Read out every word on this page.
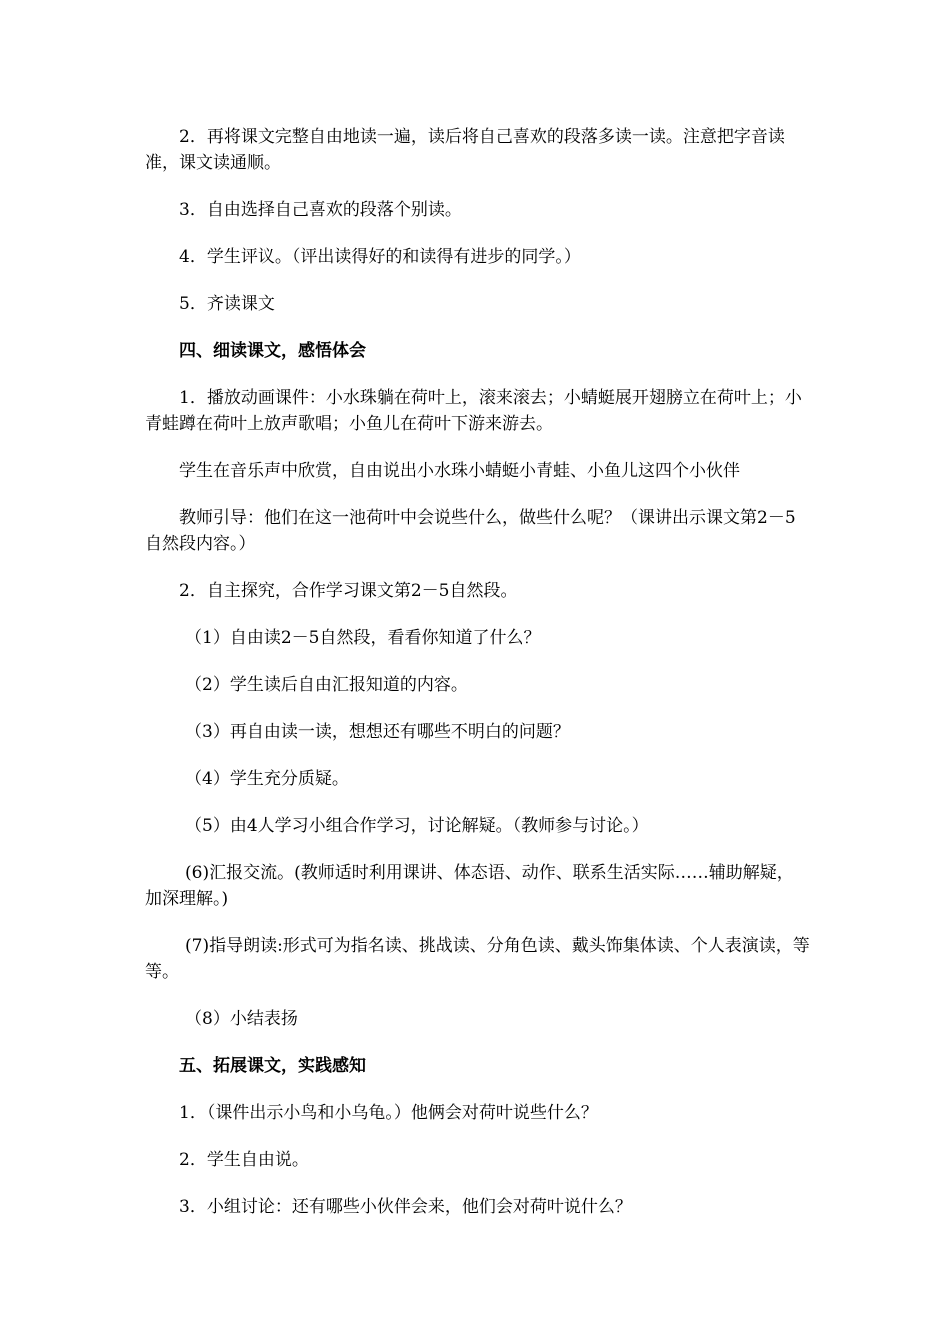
2．再将课文完整自由地读一遍，读后将自己喜欢的段落多读一读。注意把字音读准，课文读通顺。

3．自由选择自己喜欢的段落个别读。

4．学生评议。（评出读得好的和读得有进步的同学。）

5．齐读课文

四、细读课文，感悟体会

1．播放动画课件：小水珠躺在荷叶上，滚来滚去；小蜻蜓展开翅膀立在荷叶上；小青蛙蹲在荷叶上放声歌唱；小鱼儿在荷叶下游来游去。

学生在音乐声中欣赏，自由说出小水珠小蜻蜓小青蛙、小鱼儿这四个小伙伴

教师引导：他们在这一池荷叶中会说些什么，做些什么呢？（课讲出示课文第2－5自然段内容。）

2．自主探究，合作学习课文第2－5自然段。

（1）自由读2－5自然段，看看你知道了什么？

（2）学生读后自由汇报知道的内容。

（3）再自由读一读，想想还有哪些不明白的问题？

（4）学生充分质疑。

（5）由4人学习小组合作学习，讨论解疑。（教师参与讨论。）

(6)汇报交流。(教师适时利用课讲、体态语、动作、联系生活实际……辅助解疑，加深理解。)

(7)指导朗读:形式可为指名读、挑战读、分角色读、戴头饰集体读、个人表演读，等等。

（8）小结表扬

五、拓展课文，实践感知

1．（课件出示小鸟和小乌龟。）他俩会对荷叶说些什么？

2．学生自由说。

3．小组讨论：还有哪些小伙伴会来，他们会对荷叶说什么？
